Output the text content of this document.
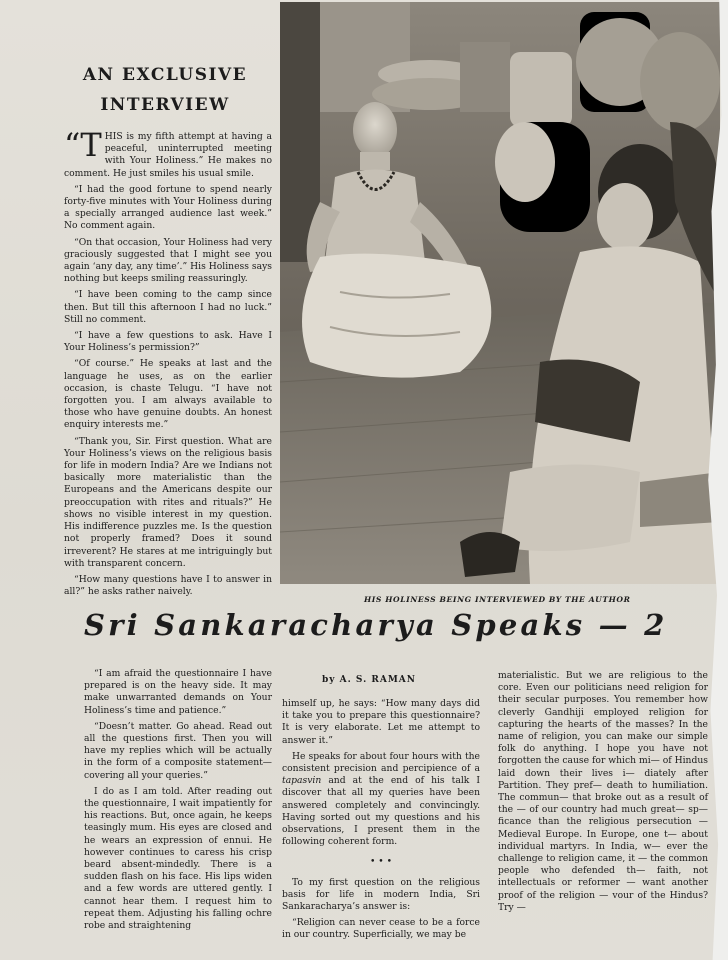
AN EXCLUSIVE
INTERVIEW

“T HIS is my fifth attempt at having a peaceful, uninterrupted meeting with Your Holiness.” He makes no comment. He just smiles his usual smile.

“I had the good fortune to spend nearly forty-five minutes with Your Holiness during a specially arranged audience last week.” No comment again.

“On that occasion, Your Holiness had very graciously suggested that I might see you again ‘any day, any time’.” His Holiness says nothing but keeps smiling reassuringly.

“I have been coming to the camp since then. But till this afternoon I had no luck.” Still no comment.

“I have a few questions to ask. Have I Your Holiness’s permission?”

“Of course.” He speaks at last and the language he uses, as on the earlier occasion, is chaste Telugu. “I have not forgotten you. I am always available to those who have genuine doubts. An honest enquiry interests me.”

“Thank you, Sir. First question. What are Your Holiness’s views on the religious basis for life in modern India? Are we Indians not basically more materialistic than the Europeans and the Americans despite our preoccupation with rites and rituals?” He shows no visible interest in my question. His indifference puzzles me. Is the question not properly framed? Does it sound irreverent? He stares at me intriguingly but with transparent concern.

“How many questions have I to answer in all?” he asks rather naively.

HIS HOLINESS BEING INTERVIEWED BY THE AUTHOR
Sri Sankaracharya Speaks — 2

“I am afraid the questionnaire I have prepared is on the heavy side. It may make unwarranted demands on Your Holiness’s time and patience.”

“Doesn’t matter. Go ahead. Read out all the questions first. Then you will have my replies which will be actually in the form of a composite statement—covering all your queries.”

I do as I am told. After reading out the questionnaire, I wait impatiently for his reactions. But, once again, he keeps teasingly mum. His eyes are closed and he wears an expression of ennui. He however continues to caress his crisp beard absent-mindedly. There is a sudden flash on his face. His lips widen and a few words are uttered gently. I cannot hear them. I request him to repeat them. Adjusting his falling ochre robe and straightening

by A. S. RAMAN

himself up, he says: “How many days did it take you to prepare this questionnaire? It is very elaborate. Let me attempt to answer it.”

He speaks for about four hours with the consistent precision and percipience of a tapasvin and at the end of his talk I discover that all my queries have been answered completely and convincingly. Having sorted out my questions and his observations, I present them in the following coherent form.

• • •

To my first question on the religious basis for life in modern India, Sri Sankaracharya’s answer is:

“Religion can never cease to be a force in our country. Superficially, we may be

materialistic. But we are religious to the core. Even our politicians need religion for their secular purposes. You remember how cleverly Gandhiji employed religion for capturing the hearts of the masses? In the name of religion, you can make our simple folk do anything. I hope you have not forgotten the cause for which mi— of Hindus laid down their lives i— diately after Partition. They pref— death to humiliation. The commun— that broke out as a result of the — of our country had much great— sp— ficance than the religious persecution — Medieval Europe. In Europe, one t— about individual martyrs. In India, w— ever the challenge to religion came, it — the common people who defended th— faith, not intellectuals or reformer — want another proof of the religion — vour of the Hindus? Try —
